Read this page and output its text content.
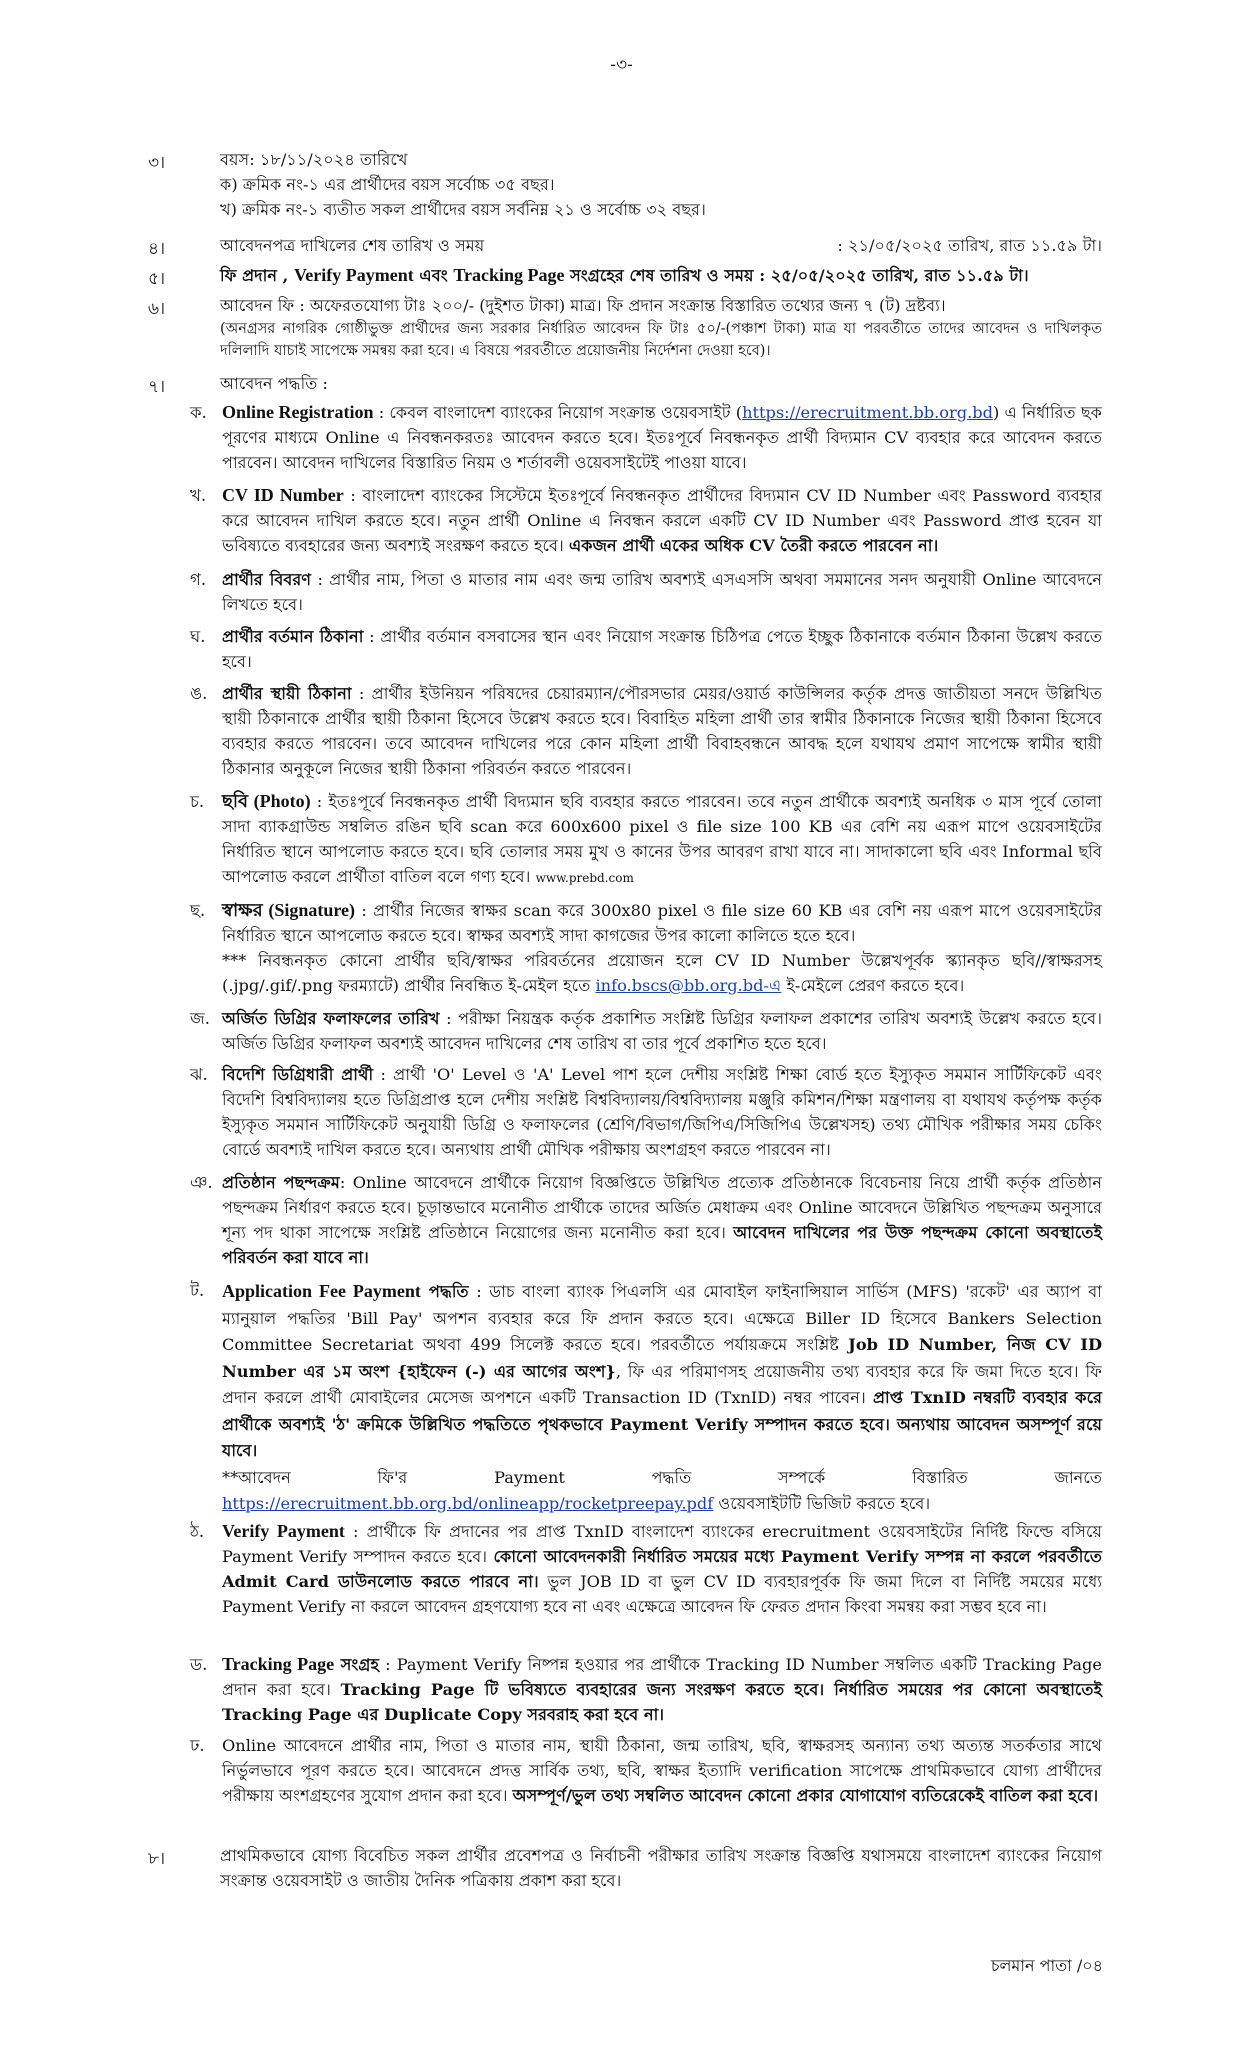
-৩-
৩।	বয়স: ১৮/১১/২০২৪ তারিখে
ক) ক্রমিক নং-১ এর প্রার্থীদের বয়স সর্বোচ্চ ৩৫ বছর।
খ) ক্রমিক নং-১ ব্যতীত সকল প্রার্থীদের বয়স সর্বনিম্ন ২১ ও সর্বোচ্চ ৩২ বছর।
৪।	আবেদনপত্র দাখিলের শেষ তারিখ ও সময়	: ২১/০৫/২০২৫ তারিখ, রাত ১১.৫৯ টা।
৫।	ফি প্রদান , Verify Payment এবং Tracking Page সংগ্রহের শেষ তারিখ ও সময় : ২৫/০৫/২০২৫ তারিখ, রাত ১১.৫৯ টা।
৬।	আবেদন ফি : অফেরতযোগ্য টাঃ ২০০/- (দুইশত টাকা) মাত্র। ফি প্রদান সংক্রান্ত বিস্তারিত তথ্যের জন্য ৭ (ট) দ্রষ্টব্য।
(অনগ্রসর নাগরিক গোষ্ঠীভুক্ত প্রার্থীদের জন্য সরকার নির্ধারিত আবেদন ফি টাঃ ৫০/-(পঞ্চাশ টাকা) মাত্র যা পরবর্তীতে তাদের আবেদন ও দাখিলকৃত দলিলাদি যাচাই সাপেক্ষে সমন্বয় করা হবে। এ বিষয়ে পরবর্তীতে প্রয়োজনীয় নির্দেশনা দেওয়া হবে)।
৭।	আবেদন পদ্ধতি :
ক. Online Registration : কেবল বাংলাদেশ ব্যাংকের নিয়োগ সংক্রান্ত ওয়েবসাইট (https://erecruitment.bb.org.bd) এ নির্ধারিত ছক পূরণের মাধ্যমে Online এ নিবন্ধনকরতঃ আবেদন করতে হবে। ইতঃপূর্বে নিবন্ধনকৃত প্রার্থী বিদ্যমান CV ব্যবহার করে আবেদন করতে পারবেন। আবেদন দাখিলের বিস্তারিত নিয়ম ও শর্তাবলী ওয়েবসাইটেই পাওয়া যাবে।
খ. CV ID Number : বাংলাদেশ ব্যাংকের সিস্টেমে ইতঃপূর্বে নিবন্ধনকৃত প্রার্থীদের বিদ্যমান CV ID Number এবং Password ব্যবহার করে আবেদন দাখিল করতে হবে। নতুন প্রার্থী Online এ নিবন্ধন করলে একটি CV ID Number এবং Password প্রাপ্ত হবেন যা ভবিষ্যতে ব্যবহারের জন্য অবশ্যই সংরক্ষণ করতে হবে। একজন প্রার্থী একের অধিক CV তৈরী করতে পারবেন না।
গ. প্রার্থীর বিবরণ : প্রার্থীর নাম, পিতা ও মাতার নাম এবং জন্ম তারিখ অবশ্যই এসএসসি অথবা সমমানের সনদ অনুযায়ী Online আবেদনে লিখতে হবে।
ঘ. প্রার্থীর বর্তমান ঠিকানা : প্রার্থীর বর্তমান বসবাসের স্থান এবং নিয়োগ সংক্রান্ত চিঠিপত্র পেতে ইচ্ছুক ঠিকানাকে বর্তমান ঠিকানা উল্লেখ করতে হবে।
ঙ. প্রার্থীর স্থায়ী ঠিকানা : প্রার্থীর ইউনিয়ন পরিষদের চেয়ারম্যান/পৌরসভার মেয়র/ওয়ার্ড কাউন্সিলর কর্তৃক প্রদত্ত জাতীয়তা সনদে উল্লিখিত স্থায়ী ঠিকানাকে প্রার্থীর স্থায়ী ঠিকানা হিসেবে উল্লেখ করতে হবে। বিবাহিত মহিলা প্রার্থী তার স্বামীর ঠিকানাকে নিজের স্থায়ী ঠিকানা হিসেবে ব্যবহার করতে পারবেন। তবে আবেদন দাখিলের পরে কোন মহিলা প্রার্থী বিবাহবন্ধনে আবদ্ধ হলে যথাযথ প্রমাণ সাপেক্ষে স্বামীর স্থায়ী ঠিকানার অনুকূলে নিজের স্থায়ী ঠিকানা পরিবর্তন করতে পারবেন।
চ. ছবি (Photo) : ইতঃপূর্বে নিবন্ধনকৃত প্রার্থী বিদ্যমান ছবি ব্যবহার করতে পারবেন। তবে নতুন প্রার্থীকে অবশ্যই অনধিক ৩ মাস পূর্বে তোলা সাদা ব্যাকগ্রাউন্ড সম্বলিত রঙিন ছবি scan করে 600x600 pixel ও file size 100 KB এর বেশি নয় এরূপ মাপে ওয়েবসাইটের নির্ধারিত স্থানে আপলোড করতে হবে। ছবি তোলার সময় মুখ ও কানের উপর আবরণ রাখা যাবে না। সাদাকালো ছবি এবং Informal ছবি আপলোড করলে প্রার্থীতা বাতিল বলে গণ্য হবে। www.prebd.com
ছ. স্বাক্ষর (Signature) : প্রার্থীর নিজের স্বাক্ষর scan করে 300x80 pixel ও file size 60 KB এর বেশি নয় এরূপ মাপে ওয়েবসাইটের নির্ধারিত স্থানে আপলোড করতে হবে। স্বাক্ষর অবশ্যই সাদা কাগজের উপর কালো কালিতে হতে হবে।
*** নিবন্ধনকৃত কোনো প্রার্থীর ছবি/স্বাক্ষর পরিবর্তনের প্রয়োজন হলে CV ID Number উল্লেখপূর্বক স্ক্যানকৃত ছবি//স্বাক্ষরসহ (.jpg/.gif/.png ফরম্যাটে) প্রার্থীর নিবন্ধিত ই-মেইল হতে info.bscs@bb.org.bd-এ ই-মেইলে প্রেরণ করতে হবে।
জ. অর্জিত ডিগ্রির ফলাফলের তারিখ : পরীক্ষা নিয়ন্ত্রক কর্তৃক প্রকাশিত সংশ্লিষ্ট ডিগ্রির ফলাফল প্রকাশের তারিখ অবশ্যই উল্লেখ করতে হবে। অর্জিত ডিগ্রির ফলাফল অবশ্যই আবেদন দাখিলের শেষ তারিখ বা তার পূর্বে প্রকাশিত হতে হবে।
ঝ. বিদেশি ডিগ্রিধারী প্রার্থী : প্রার্থী 'O' Level ও 'A' Level পাশ হলে দেশীয় সংশ্লিষ্ট শিক্ষা বোর্ড হতে ইস্যুকৃত সমমান সার্টিফিকেট এবং বিদেশি বিশ্ববিদ্যালয় হতে ডিগ্রিপ্রাপ্ত হলে দেশীয় সংশ্লিষ্ট বিশ্ববিদ্যালয়/বিশ্ববিদ্যালয় মঞ্জুরি কমিশন/শিক্ষা মন্ত্রণালয় বা যথাযথ কর্তৃপক্ষ কর্তৃক ইস্যুকৃত সমমান সার্টিফিকেট অনুযায়ী ডিগ্রি ও ফলাফলের (শ্রেণি/বিভাগ/জিপিএ/সিজিপিএ উল্লেখসহ) তথ্য মৌখিক পরীক্ষার সময় চেকিং বোর্ডে অবশ্যই দাখিল করতে হবে। অন্যথায় প্রার্থী মৌখিক পরীক্ষায় অংশগ্রহণ করতে পারবেন না।
ঞ. প্রতিষ্ঠান পছন্দক্রম: Online আবেদনে প্রার্থীকে নিয়োগ বিজ্ঞপ্তিতে উল্লিখিত প্রত্যেক প্রতিষ্ঠানকে বিবেচনায় নিয়ে প্রার্থী কর্তৃক প্রতিষ্ঠান পছন্দক্রম নির্ধারণ করতে হবে। চূড়ান্তভাবে মনোনীত প্রার্থীকে তাদের অর্জিত মেধাক্রম এবং Online আবেদনে উল্লিখিত পছন্দক্রম অনুসারে শূন্য পদ থাকা সাপেক্ষে সংশ্লিষ্ট প্রতিষ্ঠানে নিয়োগের জন্য মনোনীত করা হবে। আবেদন দাখিলের পর উক্ত পছন্দক্রম কোনো অবস্থাতেই পরিবর্তন করা যাবে না।
ট. Application Fee Payment পদ্ধতি : ডাচ বাংলা ব্যাংক পিএলসি এর মোবাইল ফাইনান্সিয়াল সার্ভিস (MFS) 'রকেট' এর অ্যাপ বা ম্যানুয়াল পদ্ধতির 'Bill Pay' অপশন ব্যবহার করে ফি প্রদান করতে হবে। এক্ষেত্রে Biller ID হিসেবে Bankers Selection Committee Secretariat অথবা 499 সিলেক্ট করতে হবে। পরবর্তীতে পর্যায়ক্রমে সংশ্লিষ্ট Job ID Number, নিজ CV ID Number এর ১ম অংশ {হাইফেন (-) এর আগের অংশ}, ফি এর পরিমাণসহ প্রয়োজনীয় তথ্য ব্যবহার করে ফি জমা দিতে হবে। ফি প্রদান করলে প্রার্থী মোবাইলের মেসেজ অপশনে একটি Transaction ID (TxnID) নম্বর পাবেন। প্রাপ্ত TxnID নম্বরটি ব্যবহার করে প্রার্থীকে অবশ্যই 'ঠ' ক্রমিকে উল্লিখিত পদ্ধতিতে পৃথকভাবে Payment Verify সম্পাদন করতে হবে। অন্যথায় আবেদন অসম্পূর্ণ রয়ে যাবে।
**আবেদন ফি'র Payment পদ্ধতি সম্পর্কে বিস্তারিত জানতে https://erecruitment.bb.org.bd/onlineapp/rocketpreepay.pdf ওয়েবসাইটটি ভিজিট করতে হবে।
ঠ. Verify Payment : প্রার্থীকে ফি প্রদানের পর প্রাপ্ত TxnID বাংলাদেশ ব্যাংকের erecruitment ওয়েবসাইটের নির্দিষ্ট ফিল্ডে বসিয়ে Payment Verify সম্পাদন করতে হবে। কোনো আবেদনকারী নির্ধারিত সময়ের মধ্যে Payment Verify সম্পন্ন না করলে পরবর্তীতে Admit Card ডাউনলোড করতে পারবে না। ভুল JOB ID বা ভুল CV ID ব্যবহারপূর্বক ফি জমা দিলে বা নির্দিষ্ট সময়ের মধ্যে Payment Verify না করলে আবেদন গ্রহণযোগ্য হবে না এবং এক্ষেত্রে আবেদন ফি ফেরত প্রদান কিংবা সমন্বয় করা সম্ভব হবে না।
ড. Tracking Page সংগ্রহ : Payment Verify নিষ্পন্ন হওয়ার পর প্রার্থীকে Tracking ID Number সম্বলিত একটি Tracking Page প্রদান করা হবে। Tracking Page টি ভবিষ্যতে ব্যবহারের জন্য সংরক্ষণ করতে হবে। নির্ধারিত সময়ের পর কোনো অবস্থাতেই Tracking Page এর Duplicate Copy সরবরাহ করা হবে না।
ঢ. Online আবেদনে প্রার্থীর নাম, পিতা ও মাতার নাম, স্থায়ী ঠিকানা, জন্ম তারিখ, ছবি, স্বাক্ষরসহ অন্যান্য তথ্য অত্যন্ত সতর্কতার সাথে নির্ভুলভাবে পূরণ করতে হবে। আবেদনে প্রদত্ত সার্বিক তথ্য, ছবি, স্বাক্ষর ইত্যাদি verification সাপেক্ষে প্রাথমিকভাবে যোগ্য প্রার্থীদের পরীক্ষায় অংশগ্রহণের সুযোগ প্রদান করা হবে। অসম্পূর্ণ/ভুল তথ্য সম্বলিত আবেদন কোনো প্রকার যোগাযোগ ব্যতিরেকেই বাতিল করা হবে।
৮।	প্রাথমিকভাবে যোগ্য বিবেচিত সকল প্রার্থীর প্রবেশপত্র ও নির্বাচনী পরীক্ষার তারিখ সংক্রান্ত বিজ্ঞপ্তি যথাসময়ে বাংলাদেশ ব্যাংকের নিয়োগ সংক্রান্ত ওয়েবসাইট ও জাতীয় দৈনিক পত্রিকায় প্রকাশ করা হবে।
চলমান পাতা /০৪
